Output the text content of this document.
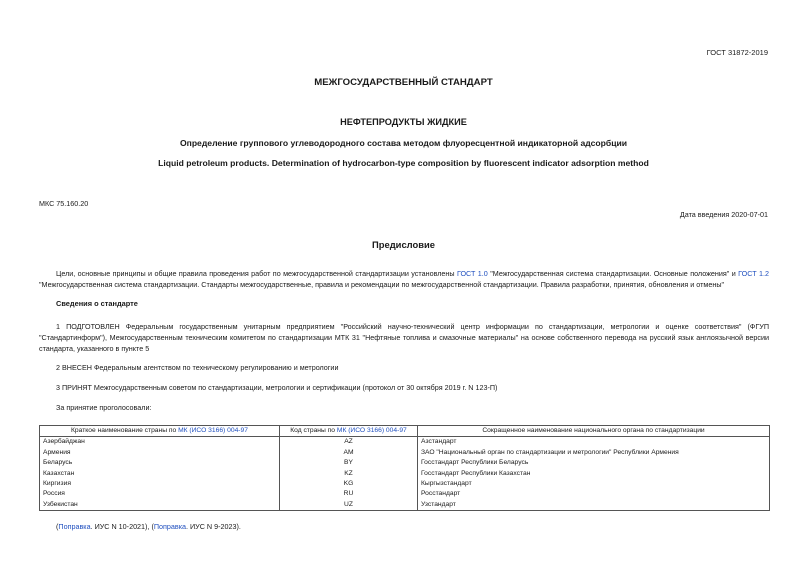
ГОСТ 31872-2019
МЕЖГОСУДАРСТВЕННЫЙ СТАНДАРТ
НЕФТЕПРОДУКТЫ ЖИДКИЕ
Определение группового углеводородного состава методом флуоресцентной индикаторной адсорбции
Liquid petroleum products. Determination of hydrocarbon-type composition by fluorescent indicator adsorption method
МКС 75.160.20
Дата введения 2020-07-01
Предисловие
Цели, основные принципы и общие правила проведения работ по межгосударственной стандартизации установлены ГОСТ 1.0 "Межгосударственная система стандартизации. Основные положения" и ГОСТ 1.2 "Межгосударственная система стандартизации. Стандарты межгосударственные, правила и рекомендации по межгосударственной стандартизации. Правила разработки, принятия, обновления и отмены"
Сведения о стандарте
1 ПОДГОТОВЛЕН Федеральным государственным унитарным предприятием "Российский научно-технический центр информации по стандартизации, метрологии и оценке соответствия" (ФГУП "Стандартинформ"), Межгосударственным техническим комитетом по стандартизации МТК 31 "Нефтяные топлива и смазочные материалы" на основе собственного перевода на русский язык англоязычной версии стандарта, указанного в пункте 5
2 ВНЕСЕН Федеральным агентством по техническому регулированию и метрологии
3 ПРИНЯТ Межгосударственным советом по стандартизации, метрологии и сертификации (протокол от 30 октября 2019 г. N 123-П)
За принятие проголосовали:
Краткое наименование страны по МК (ИСО 3166) 004-97	Код страны по МК (ИСО 3166) 004-97	Сокращенное наименование национального органа по стандартизации
Азербайджан	AZ	Азстандарт
Армения	AM	ЗАО "Национальный орган по стандартизации и метрологии" Республики Армения
Беларусь	BY	Госстандарт Республики Беларусь
Казахстан	KZ	Госстандарт Республики Казахстан
Киргизия	KG	Кыргызстандарт
Россия	RU	Росстандарт
Узбекистан	UZ	Узстандарт
(Поправка. ИУС N 10-2021), (Поправка. ИУС N 9-2023).
